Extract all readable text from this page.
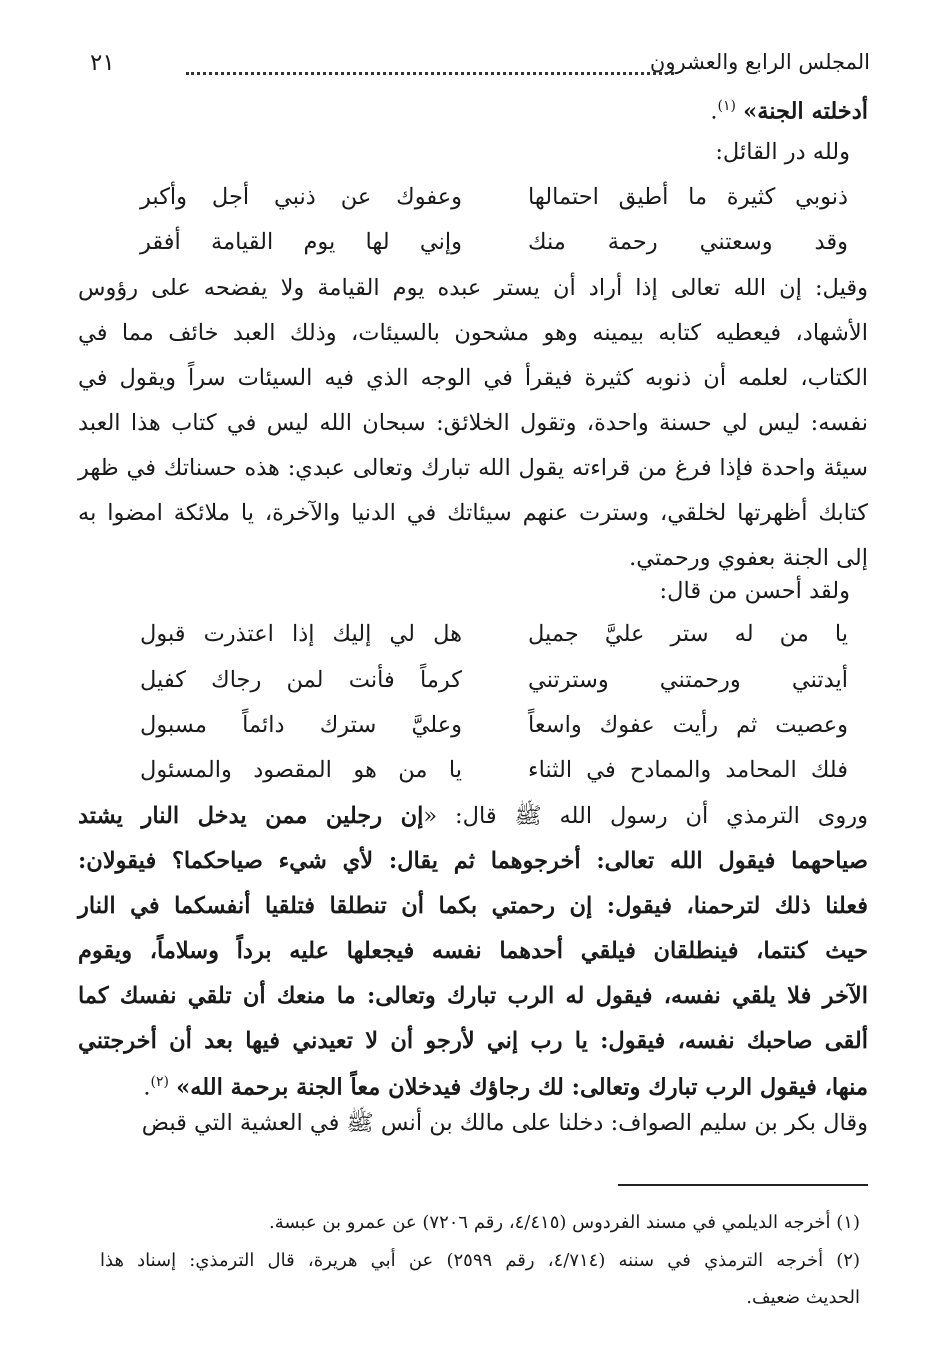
المجلس الرابع والعشرون
٢١
أدخلته الجنة» $^{(١)}$.
ولله در القائل:
ذنوبي كثيرة ما أطيق احتمالها
وعفوك عن ذنبي أجل وأكبر
وقد وسعتني رحمة منك
وإني لها يوم القيامة أفقر
وقيل: إن الله تعالى إذا أراد أن يستر عبده يوم القيامة ولا يفضحه على رؤوس
الأشهاد، فيعطيه كتابه بيمينه وهو مشحون بالسيئات، وذلك العبد خائف مما في
الكتاب، لعلمه أن ذنوبه كثيرة فيقرأ في الوجه الذي فيه السيئات سراً ويقول في
نفسه: ليس لي حسنة واحدة، وتقول الخلائق: سبحان الله ليس في كتاب هذا العبد
سيئة واحدة فإذا فرغ من قراءته يقول الله تبارك وتعالى عبدي: هذه حسناتك في ظهر
كتابك أظهرتها لخلقي، وسترت عنهم سيئاتك في الدنيا والآخرة، يا ملائكة امضوا به
إلى الجنة بعفوي ورحمتي.
ولقد أحسن من قال:
يا من له ستر عليَّ جميل
هل لي إليك إذا اعتذرت قبول
أيدتني ورحمتني وسترتني
كرماً فأنت لمن رجاك كفيل
وعصيت ثم رأيت عفوك واسعاً
وعليَّ سترك دائماً مسبول
فلك المحامد والممادح في الثناء
يا من هو المقصود والمسئول
وروى الترمذي أن رسول الله ﷺ قال: «إن رجلين ممن يدخل النار يشتد
صياحهما فيقول الله تعالى: أخرجوهما ثم يقال: لأي شيء صياحكما؟ فيقولان:
فعلنا ذلك لترحمنا، فيقول: إن رحمتي بكما أن تنطلقا فتلقيا أنفسكما في النار
حيث كنتما، فينطلقان فيلقي أحدهما نفسه فيجعلها عليه برداً وسلاماً، ويقوم
الآخر فلا يلقي نفسه، فيقول له الرب تبارك وتعالى: ما منعك أن تلقي نفسك كما
ألقى صاحبك نفسه، فيقول: يا رب إني لأرجو أن لا تعيدني فيها بعد أن أخرجتني
منها، فيقول الرب تبارك وتعالى: لك رجاؤك فيدخلان معاً الجنة برحمة الله» $^{(٢)}$.
وقال بكر بن سليم الصواف: دخلنا على مالك بن أنس ﷺ في العشية التي قبض
(١) أخرجه الديلمي في مسند الفردوس (٤/٤١٥، رقم ٧٢٠٦) عن عمرو بن عبسة.
(٢) أخرجه الترمذي في سننه (٤/٧١٤، رقم ٢٥٩٩) عن أبي هريرة، قال الترمذي: إسناد هذا
الحديث ضعيف.
